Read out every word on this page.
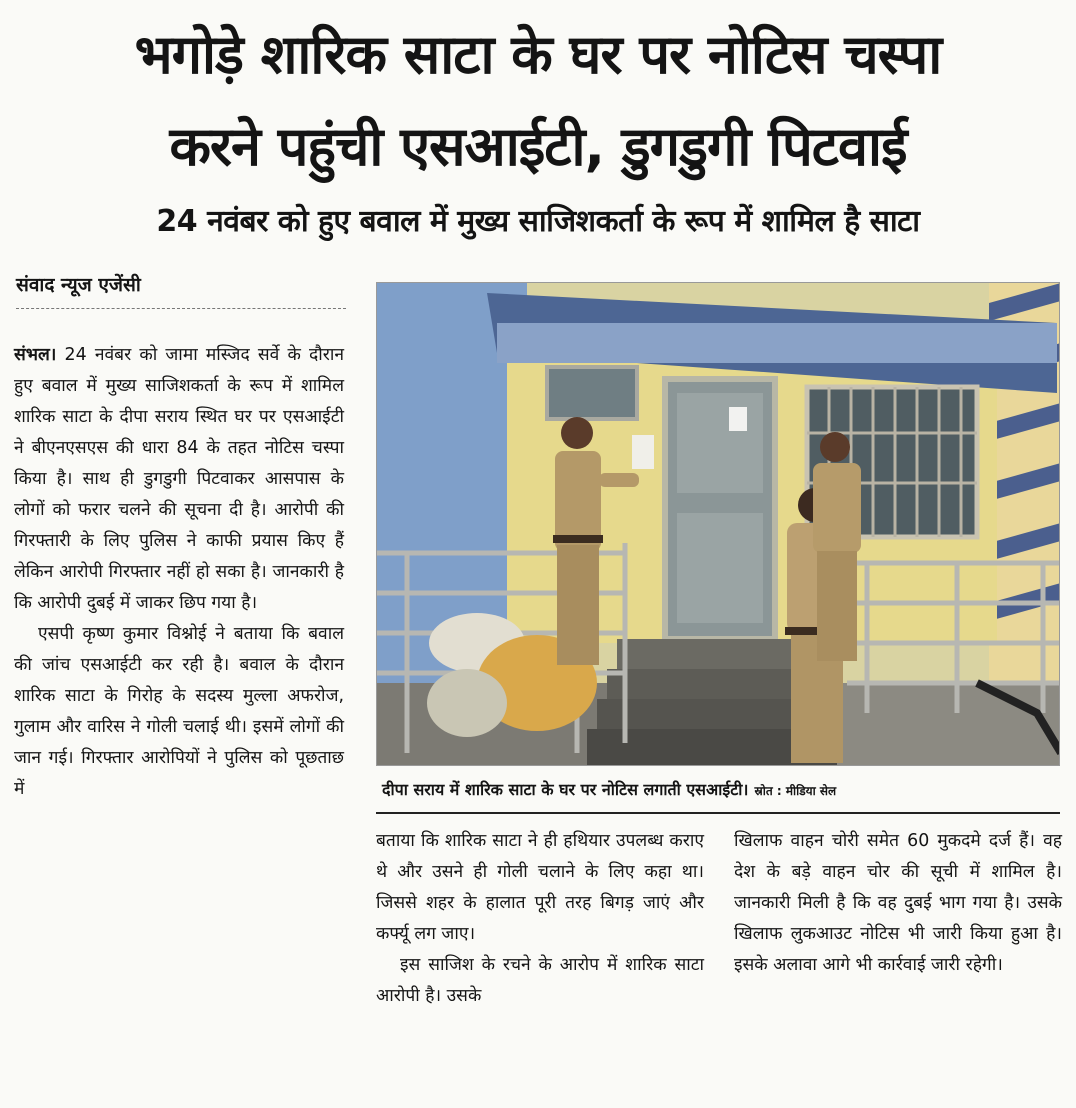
भगोड़े शारिक साटा के घर पर नोटिस चस्पा
करने पहुंची एसआईटी, डुगडुगी पिटवाई
24 नवंबर को हुए बवाल में मुख्य साजिशकर्ता के रूप में शामिल है साटा
संवाद न्यूज एजेंसी

संभल। 24 नवंबर को जामा मस्जिद सर्वे के दौरान हुए बवाल में मुख्य साजिशकर्ता के रूप में शामिल शारिक साटा के दीपा सराय स्थित घर पर एसआईटी ने बीएनएसएस की धारा 84 के तहत नोटिस चस्पा किया है। साथ ही डुगडुगी पिटवाकर आसपास के लोगों को फरार चलने की सूचना दी है। आरोपी की गिरफ्तारी के लिए पुलिस ने काफी प्रयास किए हैं लेकिन आरोपी गिरफ्तार नहीं हो सका है। जानकारी है कि आरोपी दुबई में जाकर छिप गया है।

एसपी कृष्ण कुमार विश्नोई ने बताया कि बवाल की जांच एसआईटी कर रही है। बवाल के दौरान शारिक साटा के गिरोह के सदस्य मुल्ला अफरोज, गुलाम और वारिस ने गोली चलाई थी। इसमें लोगों की जान गई। गिरफ्तार आरोपियों ने पुलिस को पूछताछ में	दीपा सराय में शारिक साटा के घर पर नोटिस लगाती एसआईटी। स्रोत : मीडिया सेल

बताया कि शारिक साटा ने ही हथियार उपलब्ध कराए थे और उसने ही गोली चलाने के लिए कहा था। जिससे शहर के हालात पूरी तरह बिगड़ जाएं और कर्फ्यू लग जाए।

इस साजिश के रचने के आरोप में शारिक साटा आरोपी है। उसके

खिलाफ वाहन चोरी समेत 60 मुकदमे दर्ज हैं। वह देश के बड़े वाहन चोर की सूची में शामिल है। जानकारी मिली है कि वह दुबई भाग गया है। उसके खिलाफ लुकआउट नोटिस भी जारी किया हुआ है। इसके अलावा आगे भी कार्रवाई जारी रहेगी।
